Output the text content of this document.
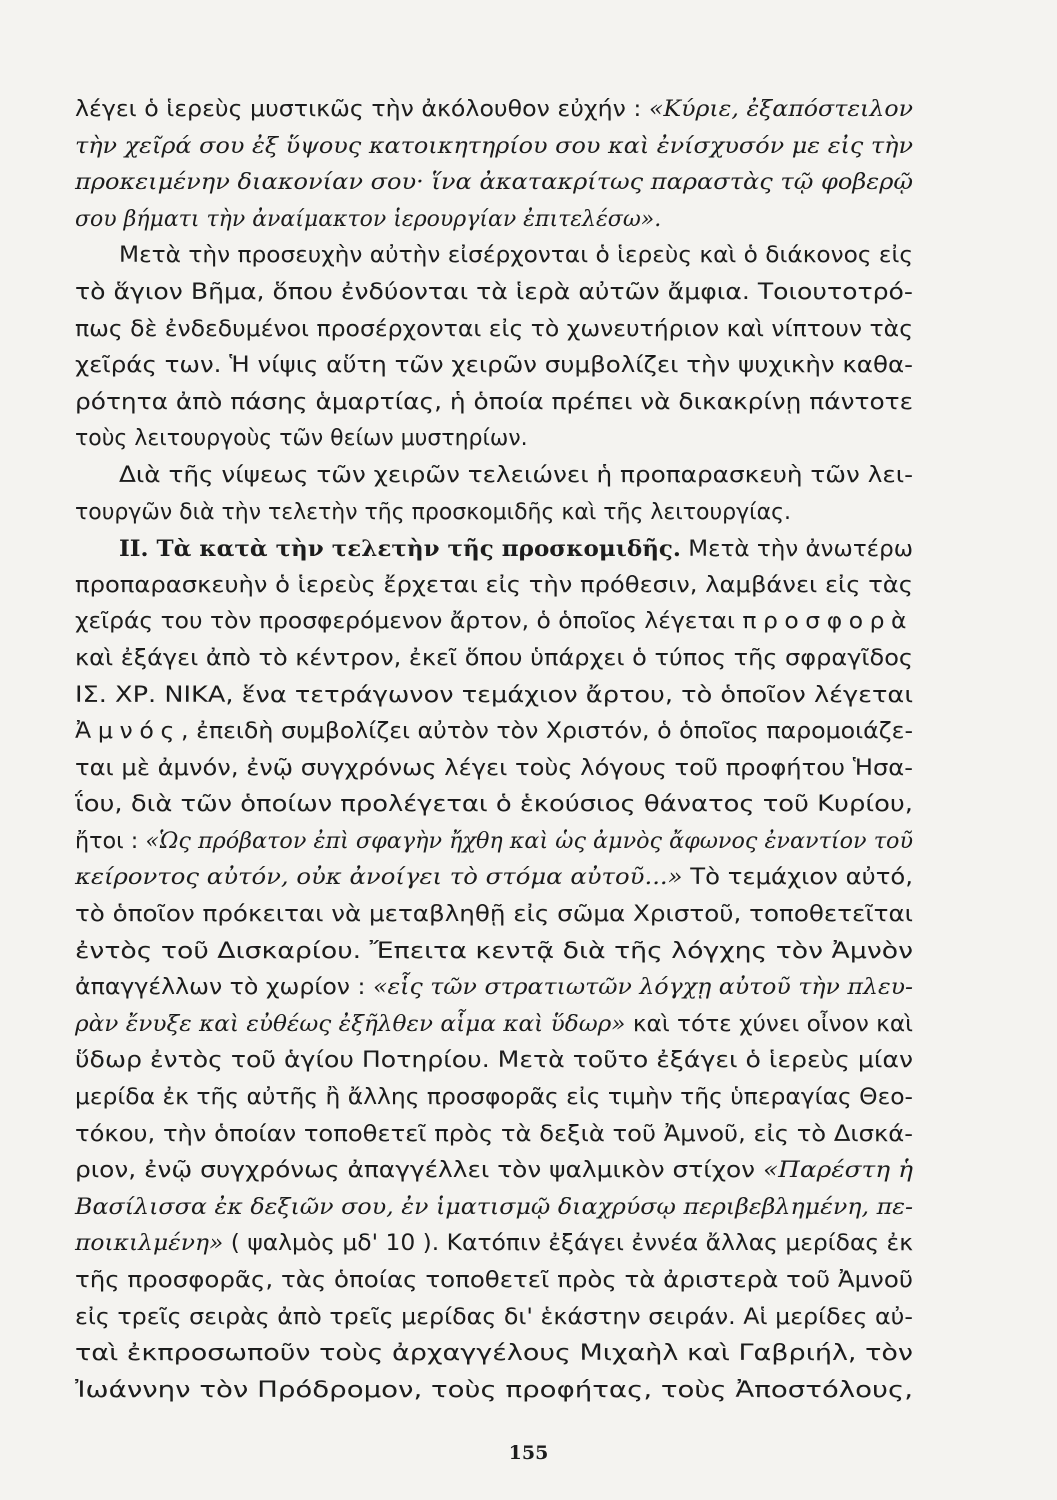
λέγει ὁ ἱερεὺς μυστικῶς τὴν ἀκόλουθον εὐχήν : «Κύριε, ἐξαπόστειλον
τὴν χεῖρά σου ἐξ ὕψους κατοικητηρίου σου καὶ ἐνίσχυσόν με εἰς τὴν
προκειμένην διακονίαν σου· ἵνα ἀκατακρίτως παραστὰς τῷ φοβερῷ
σου βήματι τὴν ἀναίμακτον ἱερουργίαν ἐπιτελέσω».
Μετὰ τὴν προσευχὴν αὐτὴν εἰσέρχονται ὁ ἱερεὺς καὶ ὁ διάκονος εἰς
τὸ ἅγιον Βῆμα, ὅπου ἐνδύονται τὰ ἱερὰ αὐτῶν ἄμφια. Τοιουτοτρό-
πως δὲ ἐνδεδυμένοι προσέρχονται εἰς τὸ χωνευτήριον καὶ νίπτουν τὰς
χεῖράς των. Ἡ νίψις αὕτη τῶν χειρῶν συμβολίζει τὴν ψυχικὴν καθα-
ρότητα ἀπὸ πάσης ἁμαρτίας, ἡ ὁποία πρέπει νὰ δικακρίνῃ πάντοτε
τοὺς λειτουργοὺς τῶν θείων μυστηρίων.
Διὰ τῆς νίψεως τῶν χειρῶν τελειώνει ἡ προπαρασκευὴ τῶν λει-
τουργῶν διὰ τὴν τελετὴν τῆς προσκομιδῆς καὶ τῆς λειτουργίας.
ΙΙ. Τὰ κατὰ τὴν τελετὴν τῆς προσκομιδῆς. Μετὰ τὴν ἀνωτέρω
προπαρασκευὴν ὁ ἱερεὺς ἔρχεται εἰς τὴν πρόθεσιν, λαμβάνει εἰς τὰς
χεῖράς του τὸν προσφερόμενον ἄρτον, ὁ ὁποῖος λέγεται προσφορὰ
καὶ ἐξάγει ἀπὸ τὸ κέντρον, ἐκεῖ ὅπου ὑπάρχει ὁ τύπος τῆς σφραγῖδος
ΙΣ. ΧΡ. ΝΙΚΑ, ἕνα τετράγωνον τεμάχιον ἄρτου, τὸ ὁποῖον λέγεται
Ἀμνός, ἐπειδὴ συμβολίζει αὐτὸν τὸν Χριστόν, ὁ ὁποῖος παρομοιάζε-
ται μὲ ἀμνόν, ἐνῷ συγχρόνως λέγει τοὺς λόγους τοῦ προφήτου Ἡσα-
ΐου, διὰ τῶν ὁποίων προλέγεται ὁ ἑκούσιος θάνατος τοῦ Κυρίου,
ἤτοι : «Ὡς πρόβατον ἐπὶ σφαγὴν ἤχθη καὶ ὡς ἀμνὸς ἄφωνος ἐναντίον τοῦ
κείροντος αὐτόν, οὐκ ἀνοίγει τὸ στόμα αὐτοῦ...» Τὸ τεμάχιον αὐτό,
τὸ ὁποῖον πρόκειται νὰ μεταβληθῇ εἰς σῶμα Χριστοῦ, τοποθετεῖται
ἐντὸς τοῦ Δισκαρίου. Ἔπειτα κεντᾷ διὰ τῆς λόγχης τὸν Ἀμνὸν
ἀπαγγέλλων τὸ χωρίον : «εἷς τῶν στρατιωτῶν λόγχῃ αὐτοῦ τὴν πλευ-
ρὰν ἔνυξε καὶ εὐθέως ἐξῆλθεν αἷμα καὶ ὕδωρ» καὶ τότε χύνει οἶνον καὶ
ὕδωρ ἐντὸς τοῦ ἁγίου Ποτηρίου. Μετὰ τοῦτο ἐξάγει ὁ ἱερεὺς μίαν
μερίδα ἐκ τῆς αὐτῆς ἢ ἄλλης προσφορᾶς εἰς τιμὴν τῆς ὑπεραγίας Θεο-
τόκου, τὴν ὁποίαν τοποθετεῖ πρὸς τὰ δεξιὰ τοῦ Ἀμνοῦ, εἰς τὸ Δισκά-
ριον, ἐνῷ συγχρόνως ἀπαγγέλλει τὸν ψαλμικὸν στίχον «Παρέστη ἡ
Βασίλισσα ἐκ δεξιῶν σου, ἐν ἱματισμῷ διαχρύσῳ περιβεβλημένη, πε-
ποικιλμένη» ( ψαλμὸς μδ' 10 ). Κατόπιν ἐξάγει ἐννέα ἄλλας μερίδας ἐκ
τῆς προσφορᾶς, τὰς ὁποίας τοποθετεῖ πρὸς τὰ ἀριστερὰ τοῦ Ἀμνοῦ
εἰς τρεῖς σειρὰς ἀπὸ τρεῖς μερίδας δι' ἑκάστην σειράν. Αἱ μερίδες αὐ-
ταὶ ἐκπροσωποῦν τοὺς ἀρχαγγέλους Μιχαὴλ καὶ Γαβριήλ, τὸν
Ἰωάννην τὸν Πρόδρομον, τοὺς προφήτας, τοὺς Ἀποστόλους,
155
